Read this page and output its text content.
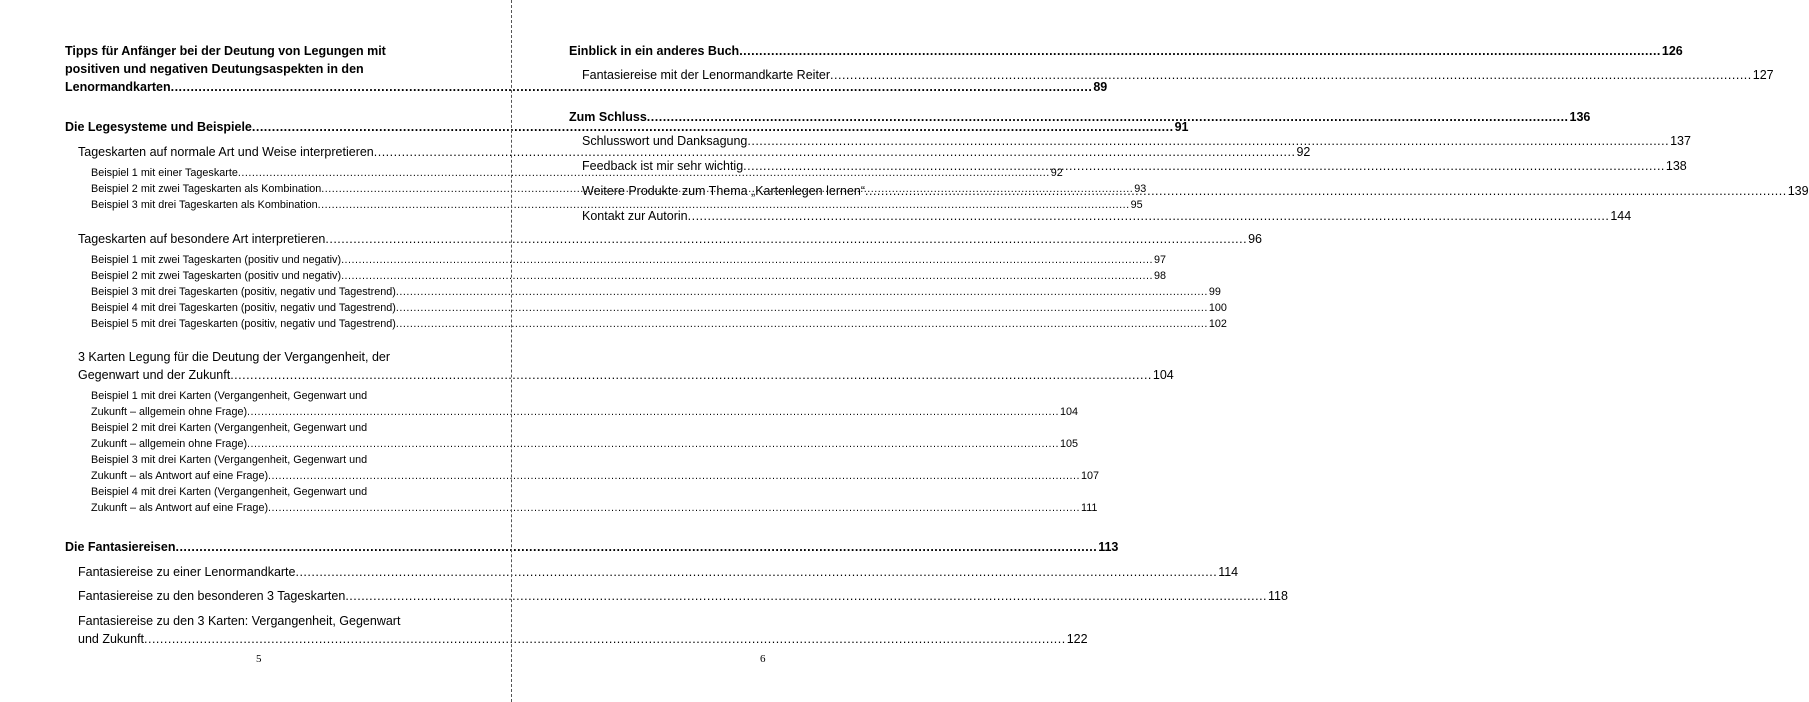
Tipps für Anfänger bei der Deutung von Legungen mit
positiven und negativen Deutungsaspekten in den
Lenormandkarten .....	89
Die Legesysteme und Beispiele .....	91
Tageskarten auf normale Art und Weise interpretieren .....	92
Beispiel 1 mit einer Tageskarte .....	92
Beispiel 2 mit zwei Tageskarten als Kombination .....	93
Beispiel 3 mit drei Tageskarten als Kombination .....	95
Tageskarten auf besondere Art interpretieren .....	96
Beispiel 1 mit zwei Tageskarten (positiv und negativ) .....	97
Beispiel 2 mit zwei Tageskarten (positiv und negativ) .....	98
Beispiel 3 mit drei Tageskarten (positiv, negativ und Tagestrend) .....	99
Beispiel 4 mit drei Tageskarten (positiv, negativ und Tagestrend) .....	100
Beispiel 5 mit drei Tageskarten (positiv, negativ und Tagestrend) .....	102
3 Karten Legung für die Deutung der Vergangenheit, der
Gegenwart und der Zukunft .....	104
Beispiel 1 mit drei Karten (Vergangenheit, Gegenwart und
Zukunft – allgemein ohne Frage) .....	104
Beispiel 2 mit drei Karten (Vergangenheit, Gegenwart und
Zukunft – allgemein ohne Frage) .....	105
Beispiel 3 mit drei Karten (Vergangenheit, Gegenwart und
Zukunft – als Antwort auf eine Frage) .....	107
Beispiel 4 mit drei Karten (Vergangenheit, Gegenwart und
Zukunft – als Antwort auf eine Frage) .....	111
Die Fantasiereisen .....	113
Fantasiereise zu einer Lenormandkarte .....	114
Fantasiereise zu den besonderen 3 Tageskarten .....	118
Fantasiereise zu den 3 Karten: Vergangenheit, Gegenwart
und Zukunft .....	122
5
Einblick in ein anderes Buch .....	126
Fantasiereise mit der Lenormandkarte Reiter .....	127
Zum Schluss .....	136
Schlusswort und Danksagung .....	137
Feedback ist mir sehr wichtig .....	138
Weitere Produkte zum Thema „Kartenlegen lernen“ .....	139
Kontakt zur Autorin .....	144
6
